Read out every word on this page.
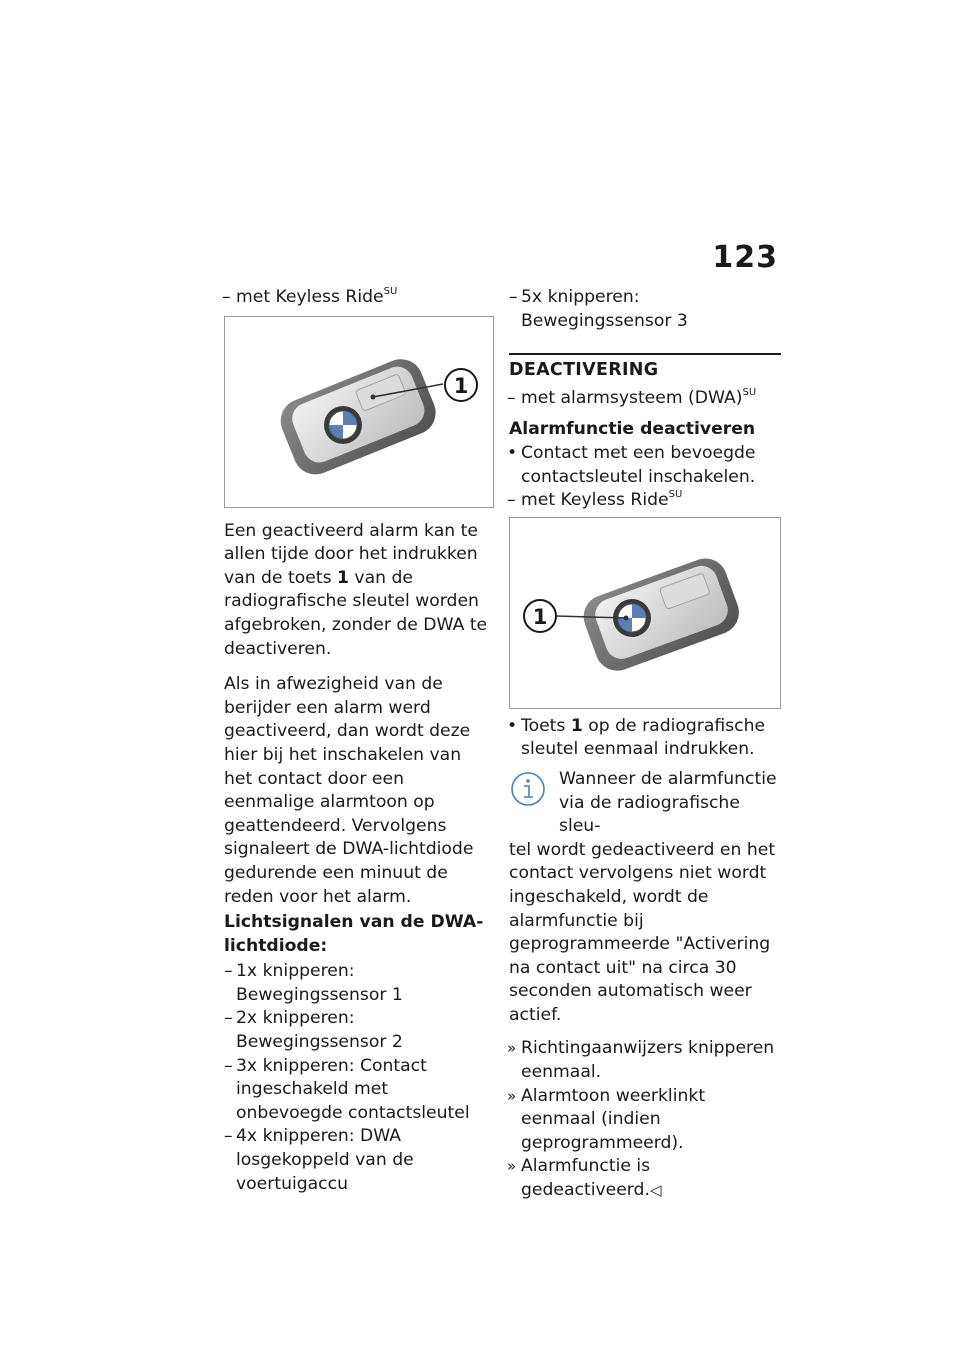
123
– met Keyless Ride$^{SU}$
1

Een geactiveerd alarm kan te allen tijde door het indrukken van de toets 1 van de radiografische sleutel worden afgebroken, zonder de DWA te deactiveren.

Als in afwezigheid van de berijder een alarm werd geactiveerd, dan wordt deze hier bij het inschakelen van het contact door een eenmalige alarmtoon op geattendeerd. Vervolgens signaleert de DWA-lichtdiode gedurende een minuut de reden voor het alarm.

Lichtsignalen van de DWA-lichtdiode:
– 1x knipperen: Bewegingssensor 1
– 2x knipperen: Bewegingssensor 2
– 3x knipperen: Contact ingeschakeld met onbevoegde contactsleutel
– 4x knipperen: DWA losgekoppeld van de voertuigaccu
– 5x knipperen: Bewegingssensor 3
DEACTIVERING
– met alarmsysteem (DWA)$^{SU}$
Alarmfunctie deactiveren
• Contact met een bevoegde contactsleutel inschakelen.
– met Keyless Ride$^{SU}$
1
• Toets 1 op de radiografische sleutel eenmaal indrukken.
Wanneer de alarmfunctie via de radiografische sleu-
tel wordt gedeactiveerd en het contact vervolgens niet wordt ingeschakeld, wordt de alarmfunctie bij geprogrammeerde "Activering na contact uit" na circa 30 seconden automatisch weer actief.
» Richtingaanwijzers knipperen eenmaal.
» Alarmtoon weerklinkt eenmaal (indien geprogrammeerd).
» Alarmfunctie is gedeactiveerd.◁
